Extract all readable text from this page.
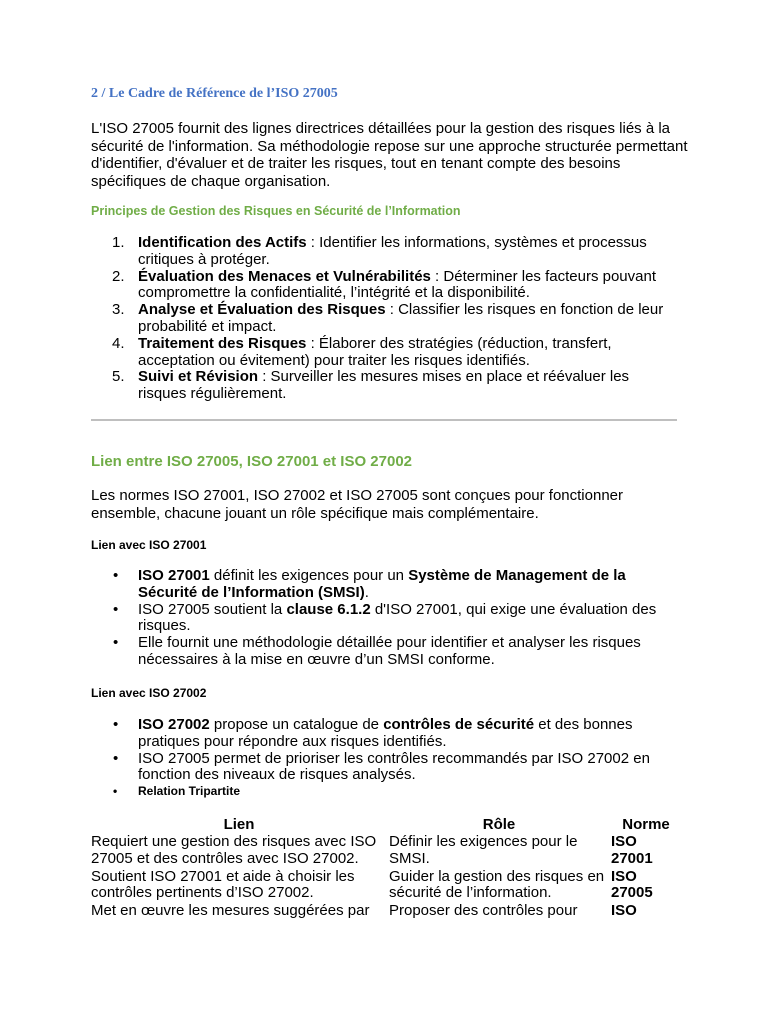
2 / Le Cadre de Référence de l’ISO 27005

L'ISO 27005 fournit des lignes directrices détaillées pour la gestion des risques liés à la sécurité de l'information. Sa méthodologie repose sur une approche structurée permettant d'identifier, d'évaluer et de traiter les risques, tout en tenant compte des besoins spécifiques de chaque organisation.

Principes de Gestion des Risques en Sécurité de l’Information
1. Identification des Actifs : Identifier les informations, systèmes et processus critiques à protéger.
2. Évaluation des Menaces et Vulnérabilités : Déterminer les facteurs pouvant compromettre la confidentialité, l’intégrité et la disponibilité.
3. Analyse et Évaluation des Risques : Classifier les risques en fonction de leur probabilité et impact.
4. Traitement des Risques : Élaborer des stratégies (réduction, transfert, acceptation ou évitement) pour traiter les risques identifiés.
5. Suivi et Révision : Surveiller les mesures mises en place et réévaluer les risques régulièrement.
Lien entre ISO 27005, ISO 27001 et ISO 27002

Les normes ISO 27001, ISO 27002 et ISO 27005 sont conçues pour fonctionner ensemble, chacune jouant un rôle spécifique mais complémentaire.

Lien avec ISO 27001
• ISO 27001 définit les exigences pour un Système de Management de la Sécurité de l’Information (SMSI).
• ISO 27005 soutient la clause 6.1.2 d'ISO 27001, qui exige une évaluation des risques.
• Elle fournit une méthodologie détaillée pour identifier et analyser les risques nécessaires à la mise en œuvre d’un SMSI conforme.
Lien avec ISO 27002
• ISO 27002 propose un catalogue de contrôles de sécurité et des bonnes pratiques pour répondre aux risques identifiés.
• ISO 27005 permet de prioriser les contrôles recommandés par ISO 27002 en fonction des niveaux de risques analysés.
• Relation Tripartite
Lien	Rôle	Norme
Requiert une gestion des risques avec ISO 27005 et des contrôles avec ISO 27002.	Définir les exigences pour le SMSI.	ISO 27001
Soutient ISO 27001 et aide à choisir les contrôles pertinents d’ISO 27002.	Guider la gestion des risques en sécurité de l’information.	ISO 27005
Met en œuvre les mesures suggérées par	Proposer des contrôles pour	ISO
